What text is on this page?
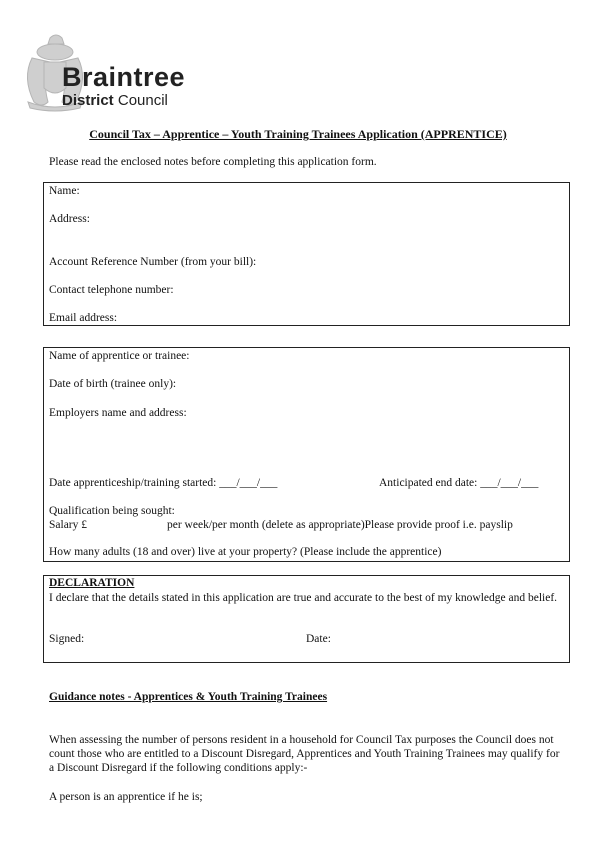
Braintree
District Council
Council Tax – Apprentice – Youth Training Trainees Application (APPRENTICE)
Please read the enclosed notes before completing this application form.
Name:
Address:
Account Reference Number (from your bill):
Contact telephone number:
Email address:
Name of apprentice or trainee:
Date of birth (trainee only):
Employers name and address:
Date apprenticeship/training started: ___/___/___	Anticipated end date: ___/___/___
Qualification being sought:
Salary £	per week/per month (delete as appropriate)Please provide proof i.e. payslip
How many adults (18 and over) live at your property? (Please include the apprentice)
DECLARATION
I declare that the details stated in this application are true and accurate to the best of my knowledge and belief.
Signed:	Date:
Guidance notes - Apprentices & Youth Training Trainees
When assessing the number of persons resident in a household for Council Tax purposes the Council does not count those who are entitled to a Discount Disregard, Apprentices and Youth Training Trainees may qualify for a Discount Disregard if the following conditions apply:-
A person is an apprentice if he is;
